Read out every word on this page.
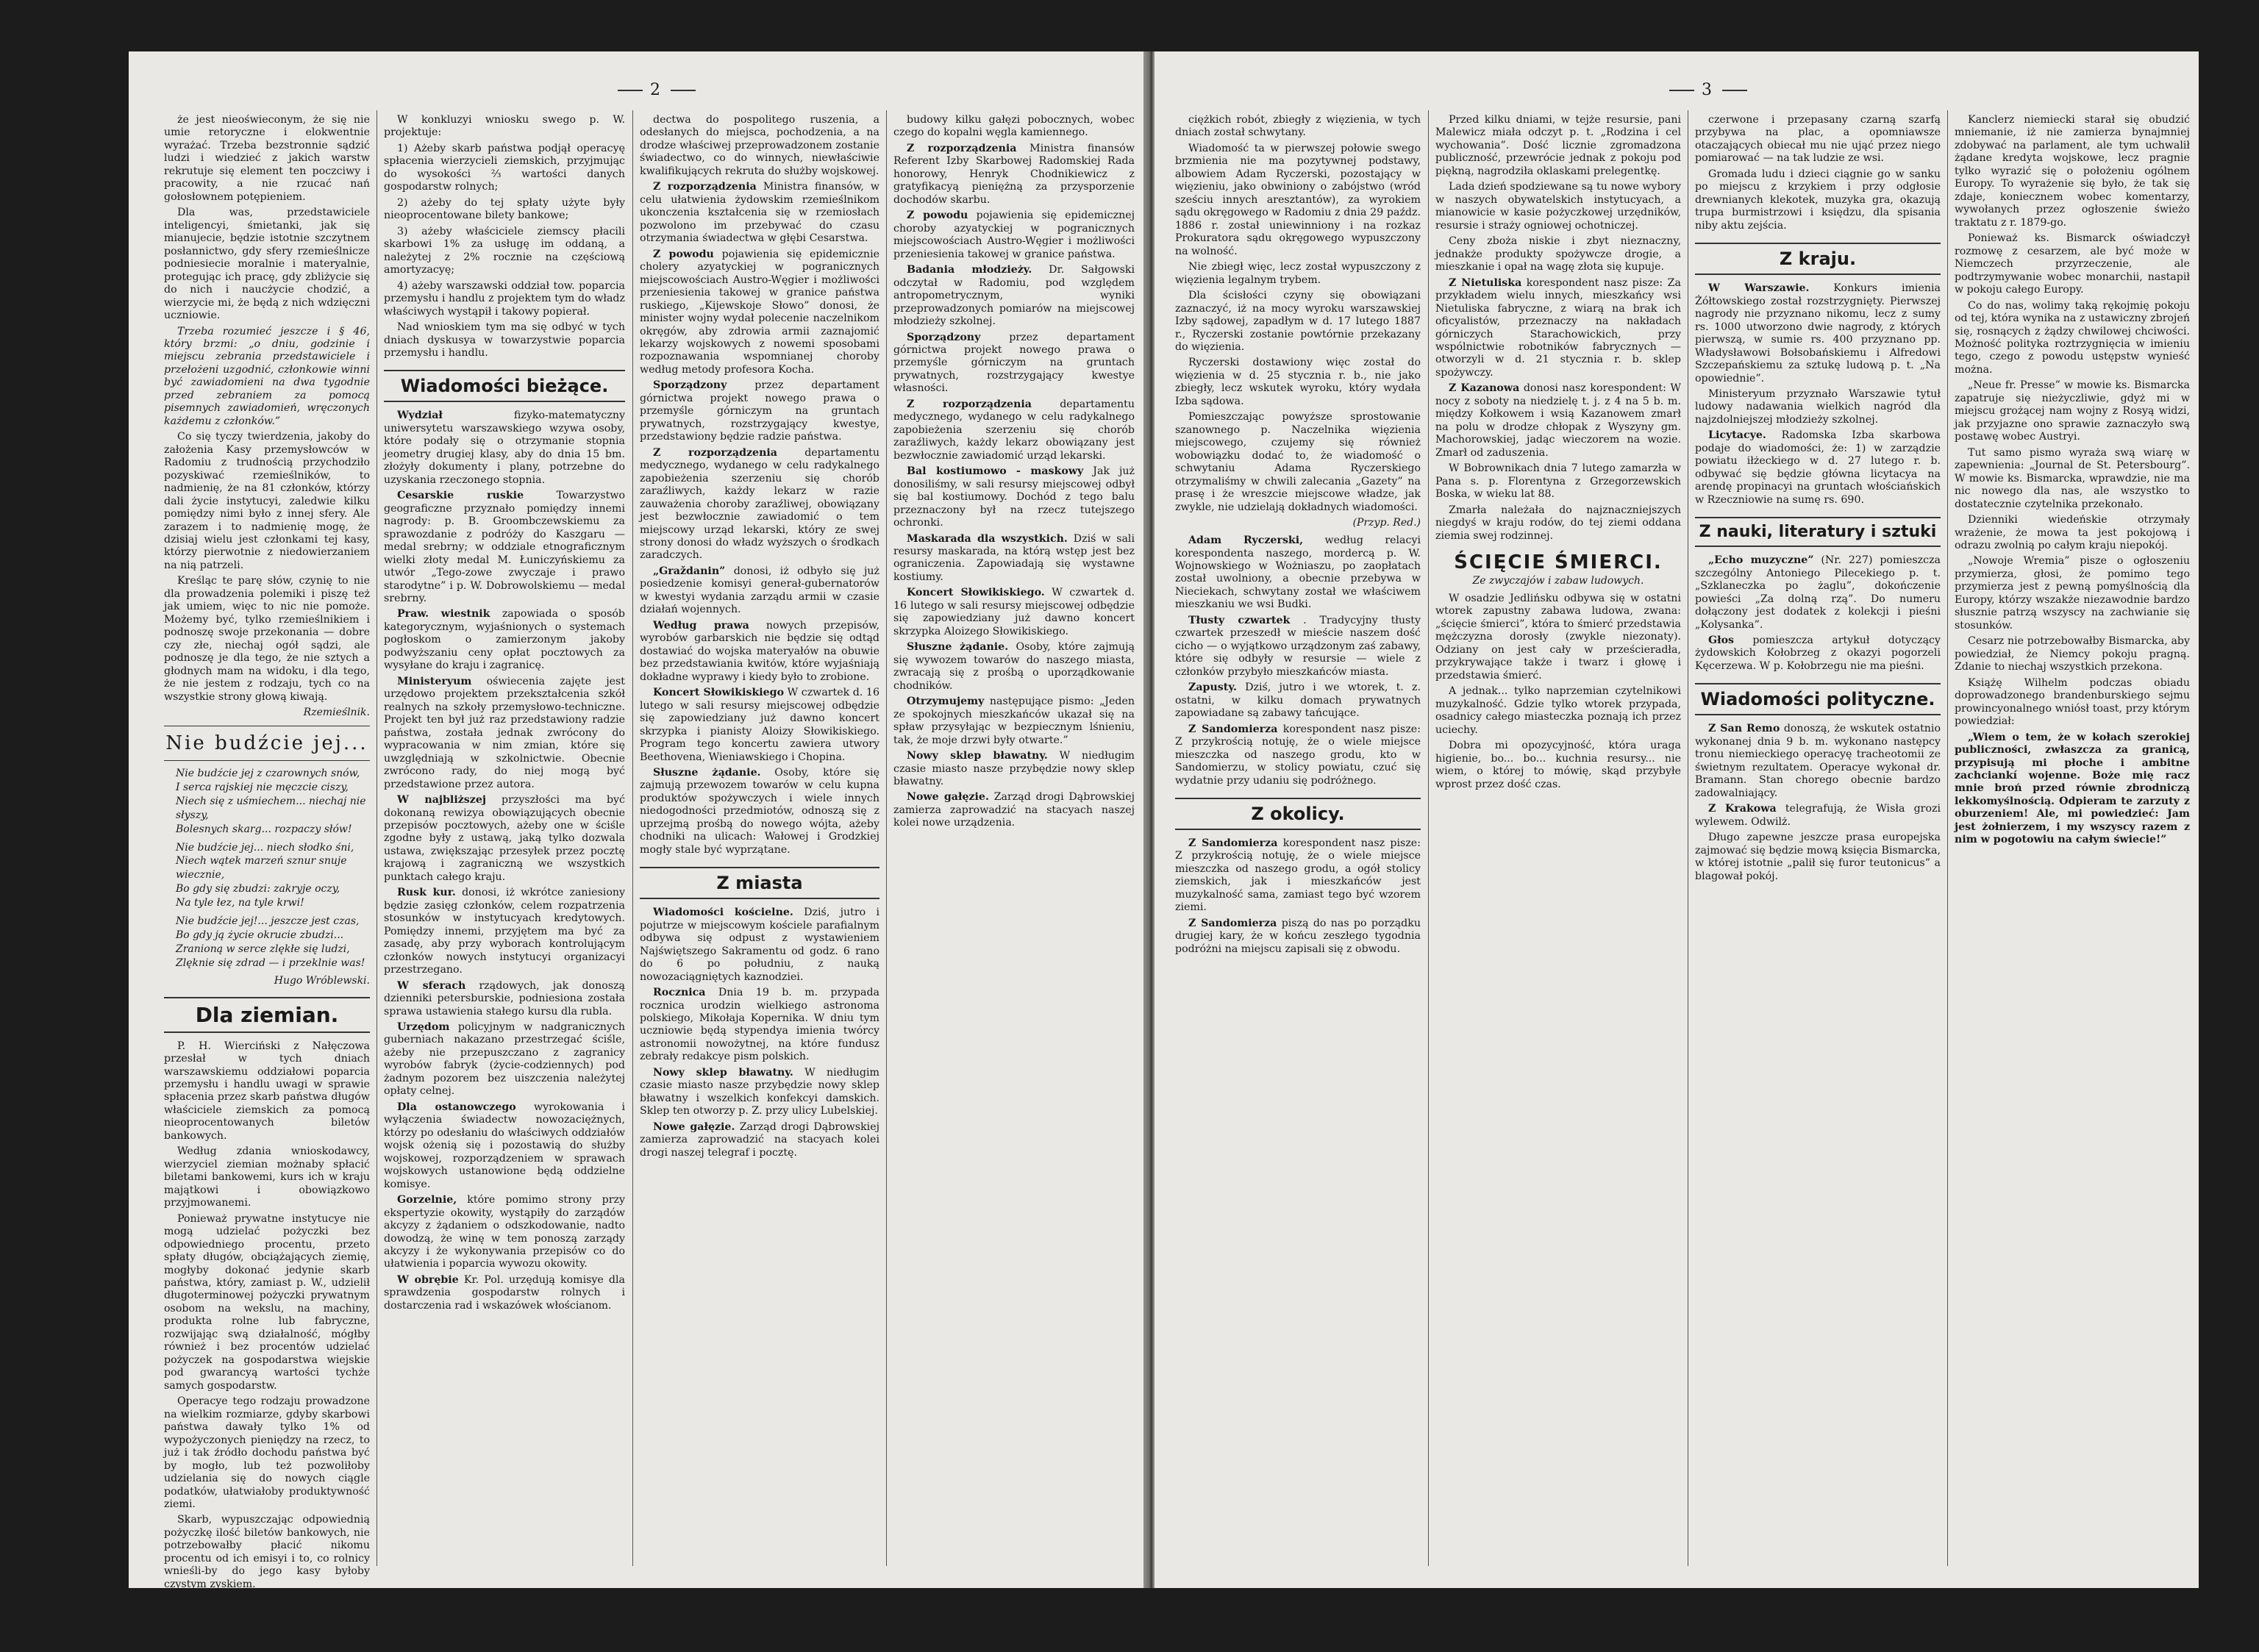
2

że jest nieoświeconym, że się nie umie retoryczne i elokwentnie wyrażać. Trzeba bezstronnie sądzić ludzi i wiedzieć z jakich warstw rekrutuje się element ten poczciwy i pracowity, a nie rzucać nań gołosłownem potępieniem.

Dla was, przedstawiciele inteligencyi, śmietanki, jak się mianujecie, będzie istotnie szczytnem posłannictwo, gdy sfery rzemieślnicze podniesiecie moralnie i materyalnie, protegując ich pracę, gdy zbliżycie się do nich i naucżycie chodzić, a wierzycie mi, że będą z nich wdzięczni uczniowie.

Trzeba rozumieć jeszcze i § 46, który brzmi: „o dniu, godzinie i miejscu zebrania przedstawiciele i przełożeni uzgodnić, członkowie winni być zawiadomieni na dwa tygodnie przed zebraniem za pomocą pisemnych zawiadomień, wręczonych każdemu z członków.”

Co się tyczy twierdzenia, jakoby do założenia Kasy przemysłowców w Radomiu z trudnością przychodziło pozyskiwać rzemieślników, to nadmienię, że na 81 członków, którzy dali życie instytucyi, zaledwie kilku pomiędzy nimi było z innej sfery. Ale zarazem i to nadmienię mogę, że dzisiaj wielu jest członkami tej kasy, którzy pierwotnie z niedowierzaniem na nią patrzeli.

Kreśląc te parę słów, czynię to nie dla prowadzenia polemiki i piszę też jak umiem, więc to nic nie pomoże. Możemy być, tylko rzemieślnikiem i podnoszę swoje przekonania — dobre czy złe, niechaj ogół sądzi, ale podnoszę je dla tego, że nie sztych a głodnych mam na widoku, i dla tego, że nie jestem z rodzaju, tych co na wszystkie strony głową kiwają.

Rzemieślnik.
Nie budźcie jej...
Nie budźcie jej z czarownych snów,
I serca rajskiej nie męczcie ciszy,
Niech się z uśmiechem... niechaj nie słyszy,
Bolesnych skarg... rozpaczy słów!
Nie budźcie jej... niech słodko śni,
Niech wątek marzeń sznur snuje wiecznie,
Bo gdy się zbudzi: zakryje oczy,
Na tyle łez, na tyle krwi!
Nie budźcie jej!... jeszcze jest czas,
Bo gdy ją życie okrucie zbudzi...
Zranioną w serce zlękłe się ludzi,
Zlęknie się zdrad — i przeklnie was!
Hugo Wróblewski.
Dla ziemian.

P. H. Wierciński z Nałęczowa przesłał w tych dniach warszawskiemu oddziałowi poparcia przemysłu i handlu uwagi w sprawie spłacenia przez skarb państwa długów właściciele ziemskich za pomocą nieoprocentowanych biletów bankowych.

Według zdania wnioskodawcy, wierzyciel ziemian możnaby spłacić biletami bankowemi, kurs ich w kraju majątkowi i obowiązkowo przyjmowanemi.

Ponieważ prywatne instytucye nie mogą udzielać pożyczki bez odpowiedniego procentu, przeto spłaty długów, obciążających ziemię, mogłyby dokonać jedynie skarb państwa, który, zamiast p. W., udzielił długoterminowej pożyczki prywatnym osobom na wekslu, na machiny, produkta rolne lub fabryczne, rozwijając swą działalność, mógłby również i bez procentów udzielać pożyczek na gospodarstwa wiejskie pod gwarancyą wartości tychże samych gospodarstw.

Operacye tego rodzaju prowadzone na wielkim rozmiarze, gdyby skarbowi państwa dawały tylko 1% od wypożyczonych pieniędzy na rzecz, to już i tak źródło dochodu państwa być by mogło, lub też pozwoliłoby udzielania się do nowych ciągle podatków, ułatwiałoby produktywność ziemi.

Skarb, wypuszczając odpowiednią pożyczkę ilość biletów bankowych, nie potrzebowałby płacić nikomu procentu od ich emisyi i to, co rolnicy wnieśli-by do jego kasy byłoby czystym zyskiem.

W konkluzyi wniosku swego p. W. projektuje:

1) Ażeby skarb państwa podjął operacyę spłacenia wierzycieli ziemskich, przyjmując do wysokości ⅔ wartości danych gospodarstw rolnych;

2) ażeby do tej spłaty użyte były nieoprocentowane bilety bankowe;

3) ażeby właściciele ziemscy płacili skarbowi 1% za usługę im oddaną, a należytej z 2% rocznie na częściową amortyzacyę;

4) ażeby warszawski oddział tow. poparcia przemysłu i handlu z projektem tym do władz właściwych wystąpił i takowy popierał.

Nad wnioskiem tym ma się odbyć w tych dniach dyskusya w towarzystwie poparcia przemysłu i handlu.

Wiadomości bieżące.

Wydział	fizyko-matematyczny uniwersytetu warszawskiego wzywa osoby, które podały się o otrzymanie stopnia jeometry drugiej klasy, aby do dnia 15 bm. złożyły dokumenty i plany, potrzebne do uzyskania rzeczonego stopnia.

Cesarskie ruskie	Towarzystwo geograficzne przyznało pomiędzy innemi nagrody: p. B. Groombczewskiemu za sprawozdanie z podróży do Kaszgaru — medal srebrny; w oddziale etnograficznym wielki złoty medal M. Łuniczyńskiemu za utwór „Tego-zowe zwyczaje i prawo starodytne” i p. W. Dobrowolskiemu — medal srebrny.

Praw. wiestnik zapowiada o sposób kategorycznym, wyjaśnionych o systemach pogłoskom o zamierzonym jakoby podwyższaniu ceny opłat pocztowych za wysyłane do kraju i zagranicę.

Ministeryum oświecenia zajęte jest urzędowo projektem przekształcenia szkół realnych na szkoły przemysłowo-techniczne. Projekt ten był już raz przedstawiony radzie państwa, została jednak zwrócony do wypracowania w nim zmian, które się uwzględniają w szkolnictwie. Obecnie zwrócono rady, do niej mogą być przedstawione przez autora.

W najbliższej przyszłości ma być dokonaną rewizya obowiązujących obecnie przepisów pocztowych, ażeby one w ściśle zgodne były z ustawą, jaką tylko dozwala ustawa, zwiększając przesyłek przez pocztę krajową i zagraniczną we wszystkich punktach całego kraju.

Rusk kur. donosi, iż wkrótce zaniesiony będzie zasięg członków, celem rozpatrzenia stosunków w instytucyach kredytowych. Pomiędzy innemi, przyjętem ma być za zasadę, aby przy wyborach kontrolującym członków nowych instytucyi organizacyi przestrzegano.

W sferach rządowych, jak donoszą dzienniki petersburskie, podniesiona została sprawa ustawienia stałego kursu dla rubla.

Urzędom policyjnym w nadgranicznych guberniach nakazano przestrzegać ściśle, ażeby nie przepuszczano z zagranicy wyrobów fabryk (życie-codziennych) pod żadnym pozorem bez uiszczenia należytej opłaty celnej.

Dla ostanowczego wyrokowania i wyłączenia świadectw nowozaciężnych, którzy po odesłaniu do właściwych oddziałów wojsk ożenią się i pozostawią do służby wojskowej, rozporządzeniem w sprawach wojskowych ustanowione będą oddzielne komisye.

Gorzelnie, które pomimo strony przy ekspertyzie okowity, wystąpiły do zarządów akcyzy z żądaniem o odszkodowanie, nadto dowodzą, że winę w tem ponoszą zarządy akcyzy i że wykonywania przepisów co do ułatwienia i poparcia wywozu okowity.

W obrębie Kr. Pol. urzędują komisye dla sprawdzenia gospodarstw rolnych i dostarczenia rad i wskazówek włościanom.

dectwa do pospolitego ruszenia, a odesłanych do miejsca, pochodzenia, a na drodze właściwej przeprowadzonem zostanie świadectwo, co do winnych, niewłaściwie kwalifikujących rekruta do służby wojskowej.

Z rozporządzenia Ministra finansów, w celu ułatwienia żydowskim rzemieślnikom ukonczenia kształcenia się w rzemiosłach pozwolono im przebywać do czasu otrzymania świadectwa w głębi Cesarstwa.

Z powodu pojawienia się epidemicznie cholery azyatyckiej w pogranicznych miejscowościach Austro-Węgier i możliwości przeniesienia takowej w granice państwa ruskiego, „Kijewskoje Słowo” donosi, że minister wojny wydał polecenie naczelnikom okręgów, aby zdrowia armii zaznajomić lekarzy wojskowych z nowemi sposobami rozpoznawania wspomnianej choroby według metody profesora Kocha.

Sporządzony	przez departament górnictwa projekt nowego prawa o przemyśle górniczym na gruntach prywatnych, rozstrzygający kwestye, przedstawiony będzie radzie państwa.

Z rozporządzenia	departamentu medycznego, wydanego w celu radykalnego zapobieżenia szerzeniu się chorób zaraźliwych, każdy lekarz w razie zauważenia choroby zaraźliwej, obowiązany jest bezwłocznie zawiadomić o tem miejscowy urząd lekarski, który ze swej strony donosi do władz wyższych o środkach zaradczych.

„Graždanin” donosi, iż odbyło się już posiedzenie komisyi generał-gubernatorów w kwestyi wydania zarządu armii w czasie działań wojennych.

Według prawa nowych przepisów, wyrobów garbarskich nie będzie się odtąd dostawiać do wojska materyałów na obuwie bez przedstawiania kwitów, które wyjaśniają dokładne wyprawy i kiedy było to zrobione.

Koncert Słowikiskiego W czwartek d. 16 lutego w sali resursy miejscowej odbędzie się zapowiedziany już dawno koncert skrzypka i pianisty Aloizy Słowikiskiego. Program tego koncertu zawiera utwory Beethovena, Wieniawskiego i Chopina.

Słuszne żądanie. Osoby, które się zajmują przewozem towarów w celu kupna produktów spożywczych i wiele innych niedogodności przedmiotów, odnoszą się z uprzejmą prośbą do nowego wójta, ażeby chodniki na ulicach: Wałowej i Grodzkiej mogły stale być wyprzątane.

Z miasta

Wiadomości kościelne. Dziś, jutro i pojutrze w miejscowym kościele parafialnym odbywa się odpust z wystawieniem Najświętszego Sakramentu od godz. 6 rano do 6 po południu, z nauką nowozaciągniętych kaznodziei.

Rocznica Dnia 19 b. m. przypada rocznica urodzin wielkiego astronoma polskiego, Mikołaja Kopernika. W dniu tym uczniowie będą stypendya imienia twórcy astronomii nowożytnej, na które fundusz zebrały redakcye pism polskich.

Nowy sklep bławatny. W niedługim czasie miasto nasze przybędzie nowy sklep bławatny i wszelkich konfekcyi damskich. Sklep ten otworzy p. Z. przy ulicy Lubelskiej.

Nowe gałęzie. Zarząd drogi Dąbrowskiej zamierza zaprowadzić na stacyach kolei drogi naszej telegraf i pocztę.

budowy kilku gałęzi pobocznych, wobec czego do kopalni węgla kamiennego.

Z rozporządzenia Ministra finansów Referent Izby Skarbowej Radomskiej Rada honorowy, Henryk Chodnikiewicz z gratyfikacyą pieniężną za przysporzenie dochodów skarbu.

Z powodu pojawienia się epidemicznej choroby azyatyckiej w pogranicznych miejscowościach Austro-Węgier i możliwości przeniesienia takowej w granice państwa.

Badania młodzieży. Dr. Sałgowski odczytał w Radomiu, pod względem antropometrycznym, wyniki przeprowadzonych pomiarów na miejscowej młodzieży szkolnej.

Sporządzony	przez departament górnictwa projekt nowego prawa o przemyśle górniczym na gruntach prywatnych, rozstrzygający kwestye własności.

Z rozporządzenia	departamentu medycznego, wydanego w celu radykalnego zapobieżenia szerzeniu się chorób zaraźliwych, każdy lekarz obowiązany jest bezwłocznie zawiadomić urząd lekarski.

Bal kostiumowo - maskowy Jak już donosiliśmy, w sali resursy miejscowej odbył się bal kostiumowy. Dochód z tego balu przeznaczony był na rzecz tutejszego ochronki.

Maskarada dla wszystkich. Dziś w sali resursy maskarada, na którą wstęp jest bez ograniczenia. Zapowiadają się wystawne kostiumy.

Koncert Słowikiskiego. W czwartek d. 16 lutego w sali resursy miejscowej odbędzie się zapowiedziany już dawno koncert skrzypka Aloizego Słowikiskiego.

Słuszne żądanie. Osoby, które zajmują się wywozem towarów do naszego miasta, zwracają się z prośbą o uporządkowanie chodników.

Otrzymujemy następujące pismo: „Jeden ze spokojnych mieszkańców ukazał się na spław przysyłając w bezpiecznym lśnieniu, tak, że moje drzwi były otwarte.”

Nowy sklep bławatny. W niedługim czasie miasto nasze przybędzie nowy sklep bławatny.

Nowe gałęzie. Zarząd drogi Dąbrowskiej zamierza zaprowadzić na stacyach naszej kolei nowe urządzenia.

3

ciężkich robót, zbiegły z więzienia, w tych dniach został schwytany.

Wiadomość ta w pierwszej połowie swego brzmienia nie ma pozytywnej podstawy, albowiem Adam Ryczerski, pozostający w więzieniu, jako obwiniony o zabójstwo (wród sześciu innych aresztantów), za wyrokiem sądu okręgowego w Radomiu z dnia 29 paźdz. 1886 r. został uniewinniony i na rozkaz Prokuratora sądu okręgowego wypuszczony na wolność.

Nie zbiegł więc, lecz został wypuszczony z więzienia legalnym trybem.

Dla ścisłości czyny się obowiązani zaznaczyć, iż na mocy wyroku warszawskiej Izby sądowej, zapadłym w d. 17 lutego 1887 r., Ryczerski zostanie powtórnie przekazany do więzienia.

Ryczerski dostawiony więc został do więzienia w d. 25 stycznia r. b., nie jako zbiegły, lecz wskutek wyroku, który wydała Izba sądowa.

Pomieszczając powyższe sprostowanie szanownego p. Naczelnika więzienia miejscowego, czujemy się również wobowiązku dodać to, że wiadomość o schwytaniu Adama Ryczerskiego otrzymaliśmy w chwili zalecania „Gazety” na prasę i że wreszcie miejscowe władze, jak zwykle, nie udzielają dokładnych wiadomości.

(Przyp. Red.)

Adam Ryczerski, według relacyi korespondenta naszego, mordercą p. W. Wojnowskiego w Wożniaszu, po zaopłatach został uwolniony, a obecnie przebywa w Nieciekach, schwytany został we właściwem mieszkaniu we wsi Budki.

Tłusty czwartek . Tradycyjny tłusty czwartek przeszedł w mieście naszem dość cicho — o wyjątkowo urządzonym zaś zabawy, które się odbyły w resursie — wiele z członków przybyło mieszkańców miasta.

Zapusty. Dziś, jutro i we wtorek, t. z. ostatni, w kilku domach prywatnych zapowiadane są zabawy tańcujące.

Z Sandomierza korespondent nasz pisze: Z przykrością notuję, że o wiele miejsce mieszczka od naszego grodu, kto w Sandomierzu, w stolicy powiatu, czuć się wydatnie przy udaniu się podróżnego.

Z okolicy.

Z Sandomierza korespondent nasz pisze: Z przykrością notuję, że o wiele miejsce mieszczka od naszego grodu, a ogół stolicy ziemskich, jak i mieszkańców jest muzykalność sama, zamiast tego być wzorem ziemi.

Z Sandomierza piszą do nas po porządku drugiej kary, że w końcu zeszłego tygodnia podróżni na miejscu zapisali się z obwodu.

Przed kilku dniami, w tejże resursie, pani Malewicz miała odczyt p. t. „Rodzina i cel wychowania”. Dość licznie zgromadzona publiczność, przewrócie jednak z pokoju pod piękną, nagrodziła oklaskami prelegentkę.

Lada dzień spodziewane są tu nowe wybory w naszych obywatelskich instytucyach, a mianowicie w kasie pożyczkowej urzędników, resursie i straży ogniowej ochotniczej.

Ceny zboża niskie i zbyt nieznaczny, jednakże produkty spożywcze drogie, a mieszkanie i opał na wagę złota się kupuje.

Z Nietuliska korespondent nasz pisze: Za przykładem wielu innych, mieszkańcy wsi Nietuliska fabryczne, z wiarą na brak ich oficyalistów, przeznaczy na nakładach górniczych Starachowickich, przy wspólnictwie robotników fabrycznych — otworzyli w d. 21 stycznia r. b. sklep spożywczy.

Z Kazanowa donosi nasz korespondent: W nocy z soboty na niedzielę t. j. z 4 na 5 b. m. między Kołkowem i wsią Kazanowem zmarł na polu w drodze chłopak z Wyszyny gm. Machorowskiej, jadąc wieczorem na wozie. Zmarł od zaduszenia.

W Bobrownikach dnia 7 lutego zamarzła w Pana s. p. Florentyna z Grzegorzewskich Boska, w wieku lat 88.

Zmarła należała do najznaczniejszych niegdyś w kraju rodów, do tej ziemi oddana ziemia swej rodzinnej.

ŚCIĘCIE ŚMIERCI.
Ze zwyczajów i zabaw ludowych.

W osadzie Jedlińsku odbywa się w ostatni wtorek zapustny zabawa ludowa, zwana: „ścięcie śmierci”, która to śmierć przedstawia mężczyzna dorosły (zwykle niezonaty). Odziany on jest cały w prześcieradła, przykrywające także i twarz i głowę i przedstawia śmierć.

A jednak... tylko naprzemian czytelnikowi muzykalność. Gdzie tylko wtorek przypada, osadnicy całego miasteczka poznają ich przez uciechy.

Dobra mi opozycyjność, która uraga higienie, bo... bo... kuchnia resursy... nie wiem, o której to mówię, skąd przybyłe wprost przez dość czas.

czerwone i przepasany czarną szarfą przybywa na plac, a opomniawsze otaczających obiecał mu nie ująć przez niego pomiarować — na tak ludzie ze wsi.

Gromada ludu i dzieci ciągnie go w sanku po miejscu z krzykiem i przy odgłosie drewnianych klekotek, muzyka gra, okazują trupa burmistrzowi i księdzu, dla spisania niby aktu zejścia.

Z kraju.

W Warszawie. Konkurs imienia Żółtowskiego został rozstrzygnięty. Pierwszej nagrody nie przyznano nikomu, lecz z sumy rs. 1000 utworzono dwie nagrody, z których pierwszą, w sumie rs. 400 przyznano pp. Władysławowi Bołsobańskiemu i Alfredowi Szczepańskiemu za sztukę ludową p. t. „Na opowiednie”.

Ministeryum przyznało Warszawie tytuł ludowy nadawania wielkich nagród dla najzdolniejszej młodzieży szkolnej.

Licytacye. Radomska Izba skarbowa podaje do wiadomości, że: 1) w zarządzie powiatu iłżeckiego w d. 27 lutego r. b. odbywać się będzie główna licytacya na arendę propinacyi na gruntach włościańskich w Rzeczniowie na sumę rs. 690.

Z nauki, literatury i sztuki

„Echo muzyczne” (Nr. 227) pomieszcza szczególny Antoniego Pilecekiego p. t. „Szklaneczka po żaglu”, dokończenie powieści „Za dolną rzą”. Do numeru dołączony jest dodatek z kolekcji i pieśni „Kolysanka”.

Głos pomieszcza artykuł dotyczący żydowskich Kołobrzeg z okazyi pogorzeli Kęcerzewa. W p. Kołobrzegu nie ma pieśni.

Wiadomości polityczne.

Z San Remo donoszą, że wskutek ostatnio wykonanej dnia 9 b. m. wykonano następcy tronu niemieckiego operacyę tracheotomii ze świetnym rezultatem. Operacye wykonał dr. Bramann. Stan chorego obecnie bardzo zadowalniający.

Z Krakowa telegrafują, że Wisła grozi wylewem. Odwilż.

Długo zapewne jeszcze prasa europejska zajmować się będzie mową księcia Bismarcka, w której istotnie „palił się furor teutonicus” a blagował pokój.

Kanclerz niemiecki starał się obudzić mniemanie, iż nie zamierza bynajmniej zdobywać na parlament, ale tym uchwalił żądane kredyta wojskowe, lecz pragnie tylko wyrazić się o położeniu ogólnem Europy. To wyrażenie się było, że tak się zdaje, koniecznem wobec komentarzy, wywołanych przez ogłoszenie świeżo traktatu z r. 1879-go.

Ponieważ ks. Bismarck oświadczył rozmowę z cesarzem, ale być może w Niemczech przyrzeczenie, ale podtrzymywanie wobec monarchii, nastapił w pokoju całego Europy.

Co do nas, wolimy taką rękojmię pokoju od tej, która wynika na z ustawiczny zbrojeń się, rosnących z żądzy chwilowej chciwości. Możność polityka roztrzygnięcia w imieniu tego, czego z powodu ustępstw wynieść można.

„Neue fr. Presse” w mowie ks. Bismarcka zapatruje się nieżyczliwie, gdyż mi w miejscu grożącej nam wojny z Rosyą widzi, jak przyjazne ono sprawie zaznaczyło swą postawę wobec Austryi.

Tut samo pismo wyraża swą wiarę w zapewnienia: „Journal de St. Petersbourg”. W mowie ks. Bismarcka, wprawdzie, nie ma nic nowego dla nas, ale wszystko to dostatecznie czytelnika przekonało.

Dzienniki wiedeńskie otrzymały wrażenie, że mowa ta jest pokojową i odrazu zwolnią po całym kraju niepokój.

„Nowoje Wremia” pisze o ogłoszeniu przymierza, głosi, że pomimo tego przymierza jest z pewną pomyślnością dla Europy, którzy wszakże niezawodnie bardzo słusznie patrzą wszyscy na zachwianie się stosunków.

Cesarz nie potrzebowałby Bismarcka, aby powiedział, że Niemcy pokoju pragną. Zdanie to niechaj wszystkich przekona.

Książę Wilhelm podczas obiadu doprowadzonego brandenburskiego sejmu prowincyonalnego wniósł toast, przy którym powiedział:

„Wiem o tem, że w kołach szerokiej publiczności, zwłaszcza za granicą, przypisują mi płoche i ambitne zachciankí wojenne. Boże mię racz mnie broń przed równie zbrodniczą lekkomyślnością. Odpieram te zarzuty z oburzeniem! Ale, mi powiedzieć: Jam jest żołnierzem, i my wszyscy razem z nim w pogotowiu na całym świecie!”
